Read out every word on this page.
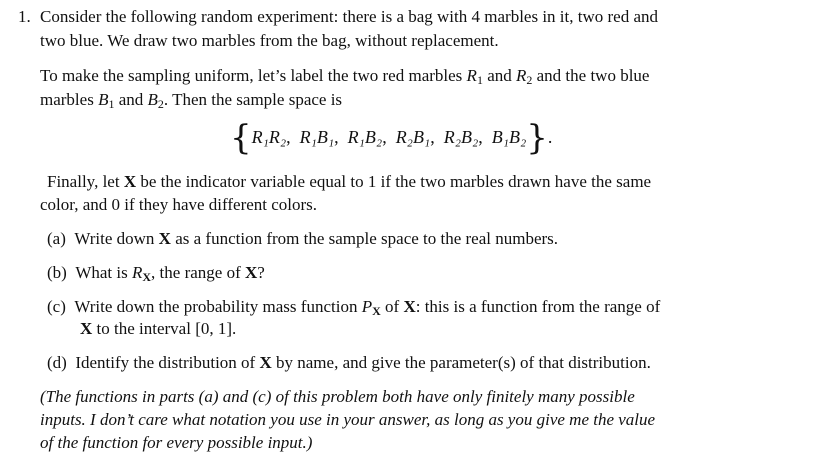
1. Consider the following random experiment: there is a bag with 4 marbles in it, two red and
two blue. We draw two marbles from the bag, without replacement.
To make the sampling uniform, let’s label the two red marbles $R_1$ and $R_2$ and the two blue
marbles $B_1$ and $B_2$. Then the sample space is
{R₁R₂,  R₁B₁,  R₁B₂,  R₂B₁,  R₂B₂,  B₁B₂}.
Finally, let X be the indicator variable equal to 1 if the two marbles drawn have the same
color, and 0 if they have different colors.
(a) Write down X as a function from the sample space to the real numbers.
(b) What is $R_X$, the range of X?
(c) Write down the probability mass function $P_X$ of X: this is a function from the range of
X to the interval [0, 1].
(d) Identify the distribution of X by name, and give the parameter(s) of that distribution.
(The functions in parts (a) and (c) of this problem both have only finitely many possible
inputs. I don’t care what notation you use in your answer, as long as you give me the value
of the function for every possible input.)
